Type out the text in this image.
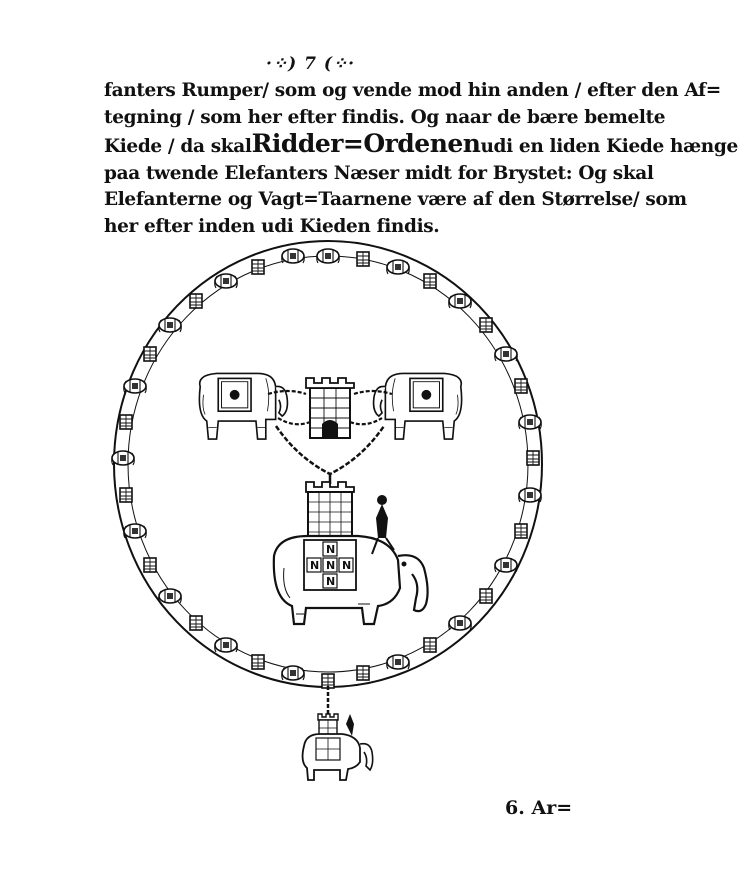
·⁘) 7 (⁘·
fanters Rumper/ som og vende mod hin anden / efter den Af=
tegning / som her efter findis. Og naar de bære bemelte
Kiede / da skalRidder=Ordenenudi en liden Kiede hænge
paa twende Elefanters Næser midt for Brystet: Og skal
Elefanterne og Vagt=Taarnene være af den Størrelse/ som
her efter inden udi Kieden findis.
N
N N N
N
6. Ar=
